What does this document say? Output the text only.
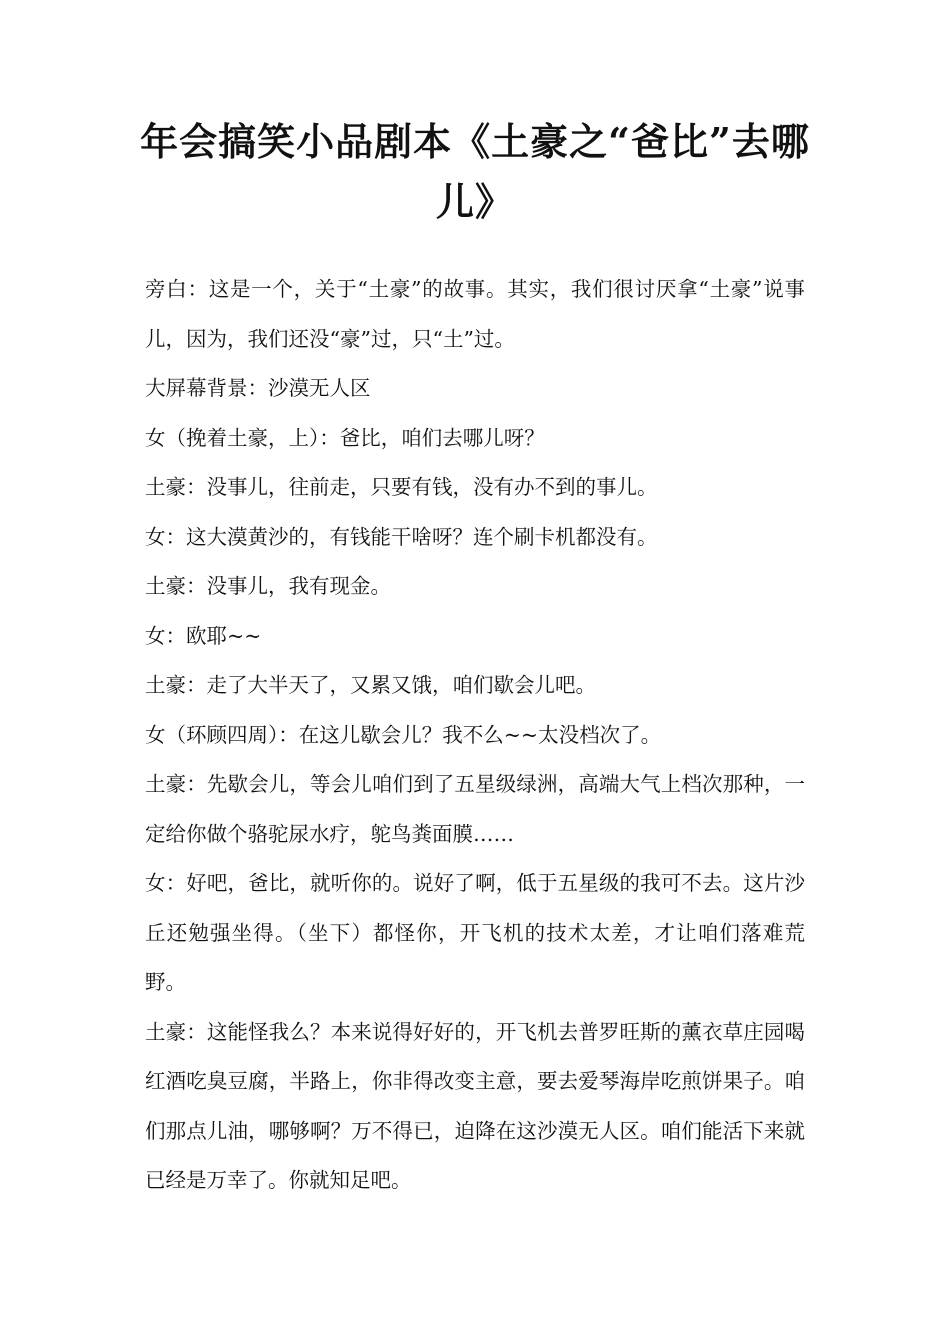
年会搞笑小品剧本《土豪之“爸比”去哪儿》

旁白：这是一个，关于“土豪”的故事。其实，我们很讨厌拿“土豪”说事儿，因为，我们还没“豪”过，只“土”过。

大屏幕背景：沙漠无人区

女（挽着土豪，上）：爸比，咱们去哪儿呀？

土豪：没事儿，往前走，只要有钱，没有办不到的事儿。

女：这大漠黄沙的，有钱能干啥呀？连个刷卡机都没有。

土豪：没事儿，我有现金。

女：欧耶~~

土豪：走了大半天了，又累又饿，咱们歇会儿吧。

女（环顾四周）：在这儿歇会儿？我不么~~太没档次了。

土豪：先歇会儿，等会儿咱们到了五星级绿洲，高端大气上档次那种，一定给你做个骆驼尿水疗，鸵鸟粪面膜……

女：好吧，爸比，就听你的。说好了啊，低于五星级的我可不去。这片沙丘还勉强坐得。（坐下）都怪你，开飞机的技术太差，才让咱们落难荒野。

土豪：这能怪我么？本来说得好好的，开飞机去普罗旺斯的薰衣草庄园喝红酒吃臭豆腐，半路上，你非得改变主意，要去爱琴海岸吃煎饼果子。咱们那点儿油，哪够啊？万不得已，迫降在这沙漠无人区。咱们能活下来就已经是万幸了。你就知足吧。
